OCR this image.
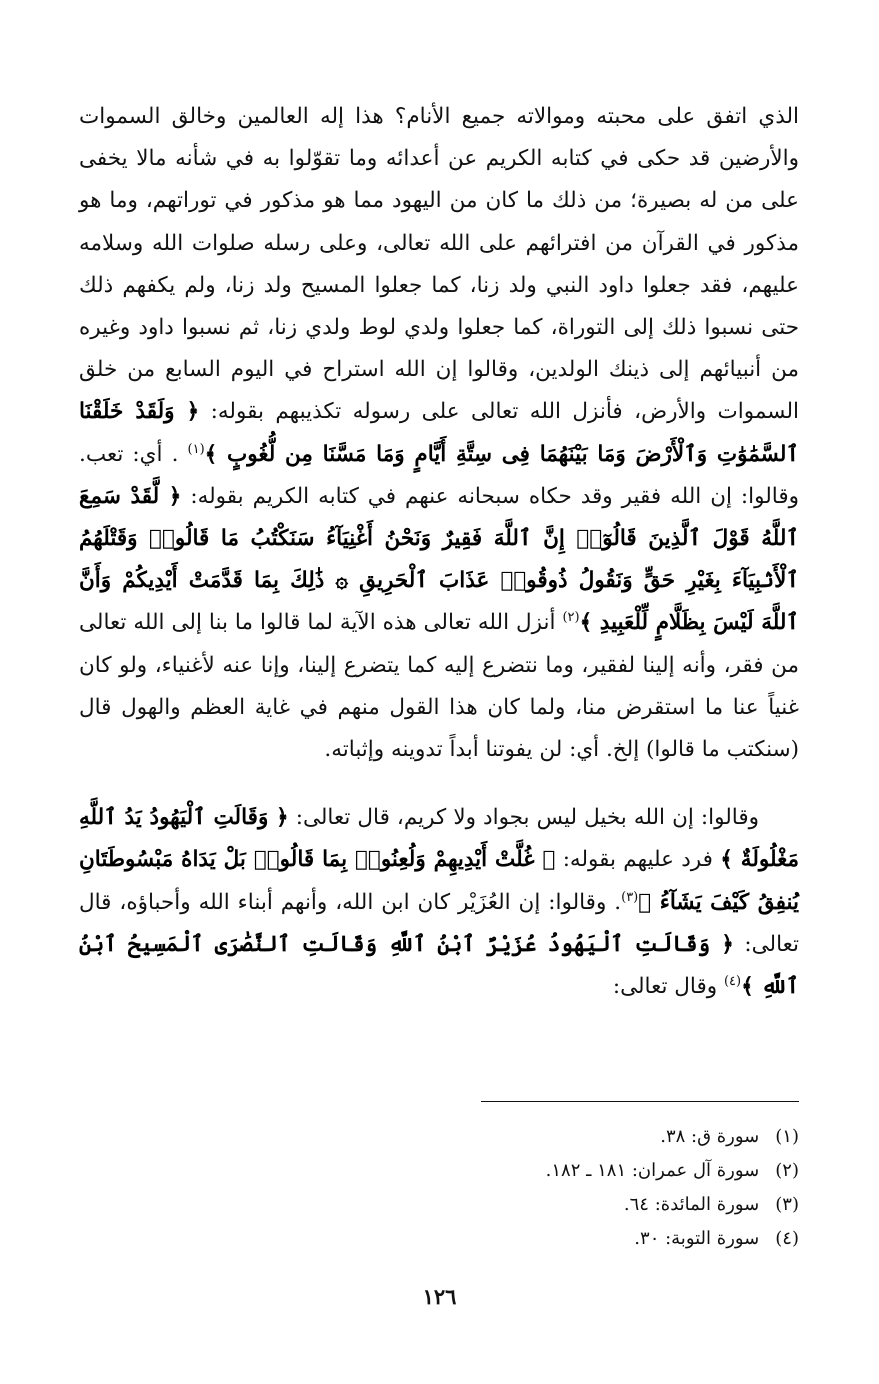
الذي اتفق على محبته وموالاته جميع الأنام؟ هذا إله العالمين وخالق السموات والأرضين قد حكى في كتابه الكريم عن أعدائه وما تقوّلوا به في شأنه مالا يخفى على من له بصيرة؛ من ذلك ما كان من اليهود مما هو مذكور في توراتهم، وما هو مذكور في القرآن من افترائهم على الله تعالى، وعلى رسله صلوات الله وسلامه عليهم، فقد جعلوا داود النبي ولد زنا، كما جعلوا المسيح ولد زنا، ولم يكفهم ذلك حتى نسبوا ذلك إلى التوراة، كما جعلوا ولدي لوط ولدي زنا، ثم نسبوا داود وغيره من أنبيائهم إلى ذينك الولدين، وقالوا إن الله استراح في اليوم السابع من خلق السموات والأرض، فأنزل الله تعالى على رسوله تكذيبهم بقوله: ﴿ وَلَقَدْ خَلَقْنَا ٱلسَّمَٰوَٰتِ وَٱلْأَرْضَ وَمَا بَيْنَهُمَا فِى سِتَّةِ أَيَّامٍ وَمَا مَسَّنَا مِن لُّغُوبٍ ﴾$^{(١)}$ . أي: تعب. وقالوا: إن الله فقير وقد حكاه سبحانه عنهم في كتابه الكريم بقوله: ﴿ لَّقَدْ سَمِعَ ٱللَّهُ قَوْلَ ٱلَّذِينَ قَالُوٓا۟ إِنَّ ٱللَّهَ فَقِيرٌ وَنَحْنُ أَغْنِيَآءُ سَنَكْتُبُ مَا قَالُوا۟ وَقَتْلَهُمُ ٱلْأَنۢبِيَآءَ بِغَيْرِ حَقٍّ وَنَقُولُ ذُوقُوا۟ عَذَابَ ٱلْحَرِيقِ ۞ ذَٰلِكَ بِمَا قَدَّمَتْ أَيْدِيكُمْ وَأَنَّ ٱللَّهَ لَيْسَ بِظَلَّامٍ لِّلْعَبِيدِ ﴾$^{(٢)}$ أنزل الله تعالى هذه الآية لما قالوا ما بنا إلى الله تعالى من فقر، وأنه إلينا لفقير، وما نتضرع إليه كما يتضرع إلينا، وإنا عنه لأغنياء، ولو كان غنياً عنا ما استقرض منا، ولما كان هذا القول منهم في غاية العظم والهول قال (سنكتب ما قالوا) إلخ. أي: لن يفوتنا أبداً تدوينه وإثباته.

وقالوا: إن الله بخيل ليس بجواد ولا كريم، قال تعالى: ﴿ وَقَالَتِ ٱلْيَهُودُ يَدُ ٱللَّهِ مَغْلُولَةٌ ﴾ فرد عليهم بقوله: ﴿ غُلَّتْ أَيْدِيهِمْ وَلُعِنُوا۟ بِمَا قَالُوا۟ بَلْ يَدَاهُ مَبْسُوطَتَانِ يُنفِقُ كَيْفَ يَشَآءُ ﴾$^{(٣)}$. وقالوا: إن العُزَيْر كان ابن الله، وأنهم أبناء الله وأحباؤه، قال تعالى: ﴿ وَقَالَتِ ٱلْيَهُودُ عُزَيْرٌ ٱبْنُ ٱللَّهِ وَقَالَتِ ٱلنَّصَٰرَى ٱلْمَسِيحُ ٱبْنُ ٱللَّهِ ﴾$^{(٤)}$ وقال تعالى:

(١) سورة ق: ٣٨.
(٢) سورة آل عمران: ١٨١ ـ ١٨٢.
(٣) سورة المائدة: ٦٤.
(٤) سورة التوبة: ٣٠.
١٢٦
